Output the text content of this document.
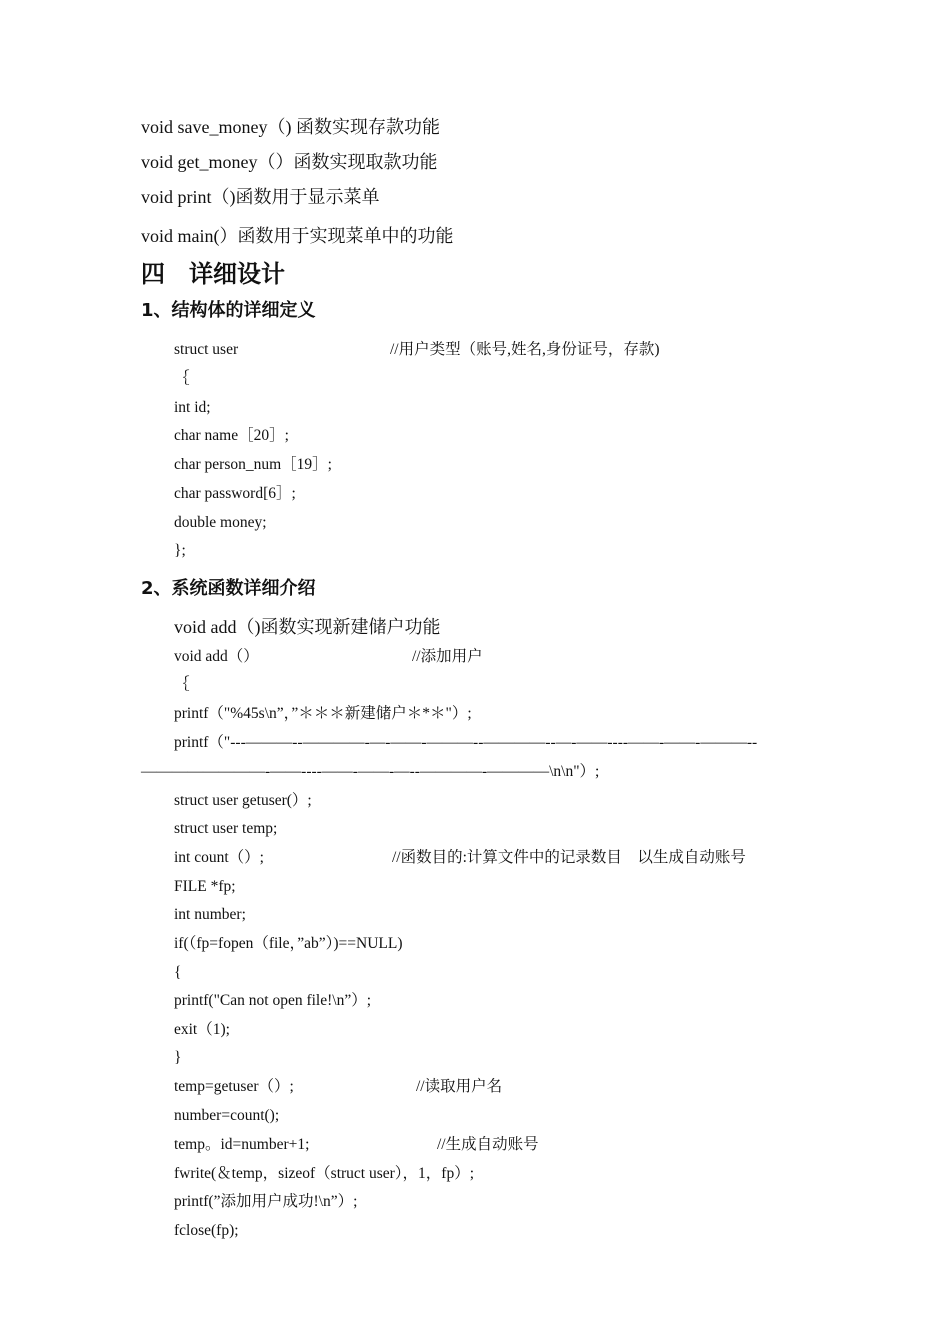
void save_money（) 函数实现存款功能
void get_money（）函数实现取款功能
void print（)函数用于显示菜单
void main(）函数用于实现菜单中的功能
四　详细设计
1、结构体的详细定义
struct user	//用户类型（账号,姓名,身份证号，存款)
｛
int id;
char name［20］;
char person_num［19］;
char password[6］;
double money;
};
2、系统函数详细介绍
void add（)函数实现新建储户功能
void add（）	//添加用户
｛
printf（"%45s\n”，”＊＊＊新建储户＊*＊"）;
printf（"---———--————-—-——-———--————--—-——----——-——-———--
————————-——----——-——-—--————-————\n\n"）;
struct user getuser(）;
struct user temp;
int count（）;	//函数目的:计算文件中的记录数目　以生成自动账号
FILE *fp;
int number;
if(（fp=fopen（file，”ab”）)==NULL)
{
printf("Can not open file!\n”）;
exit（1);
}
temp=getuser（）;	//读取用户名
number=count();
temp。id=number+1;	//生成自动账号
fwrite(＆temp，sizeof（struct user），1，fp）;
printf(”添加用户成功!\n”）;
fclose(fp);
